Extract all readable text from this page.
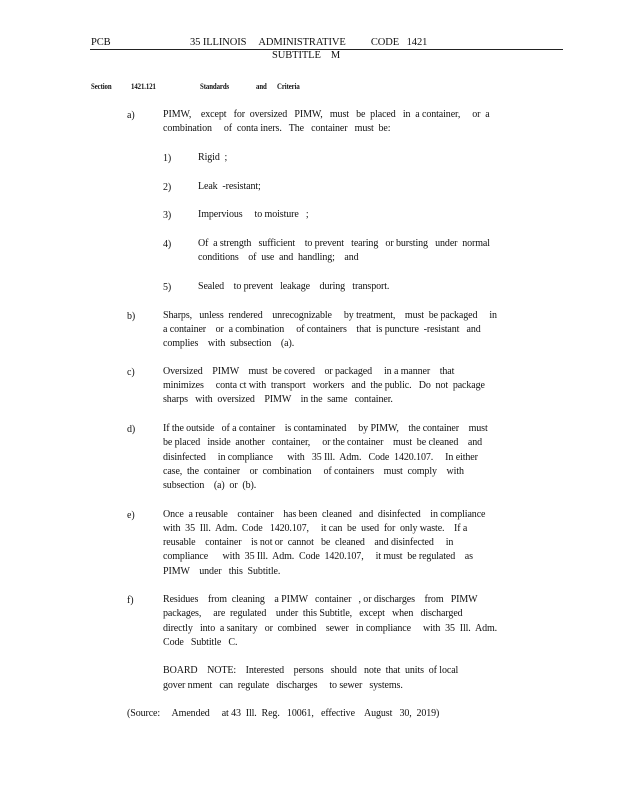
PCB	35 ILLINOIS     ADMINISTRATIVE          CODE   1421
SUBTITLE    M
Section 1421.121	Standards	and Criteria
a)	PIMW,    except   for  oversized   PIMW,   must   be  placed   in  a container,     or  a
combination     of  conta iners.   The   container   must  be:
1)	Rigid  ;
2)	Leak  -resistant;
3)	Impervious     to moisture   ;
4)	Of  a strength   sufficient    to prevent   tearing   or bursting   under  normal
conditions    of  use  and  handling;    and
5)	Sealed    to prevent   leakage    during   transport.
b)	Sharps,   unless  rendered    unrecognizable     by treatment,    must  be packaged     in
a container    or  a combination     of containers    that  is puncture  -resistant   and
complies    with  subsection    (a).
c)	Oversized    PIMW    must  be covered    or packaged     in a manner    that
minimizes     conta ct with  transport   workers   and  the public.   Do  not  package
sharps   with  oversized    PIMW    in the  same   container.
d)	If the outside   of a container    is contaminated     by PIMW,    the container    must
be placed   inside  another   container,     or the container    must  be cleaned    and
disinfected     in compliance      with   35 Ill.  Adm.   Code  1420.107.     In either
case,  the  container    or  combination     of containers    must  comply    with
subsection    (a)  or  (b).
e)	Once  a reusable    container    has been  cleaned   and  disinfected    in compliance
with  35  Ill.  Adm.  Code   1420.107,     it can  be  used  for  only waste.    If a
reusable    container    is not or  cannot   be  cleaned    and disinfected     in
compliance      with  35 Ill.  Adm.  Code  1420.107,     it must  be regulated    as
PIMW    under   this  Subtitle.
f)	Residues    from  cleaning    a PIMW   container   , or discharges    from   PIMW
packages,     are  regulated    under  this Subtitle,   except   when   discharged
directly   into  a sanitary   or  combined    sewer   in compliance     with  35  Ill.  Adm.
Code   Subtitle   C.
BOARD    NOTE:    Interested    persons   should   note  that  units  of local
gover nment   can  regulate   discharges     to sewer   systems.
(Source:     Amended     at 43  Ill.  Reg.   10061,   effective    August   30,  2019)
